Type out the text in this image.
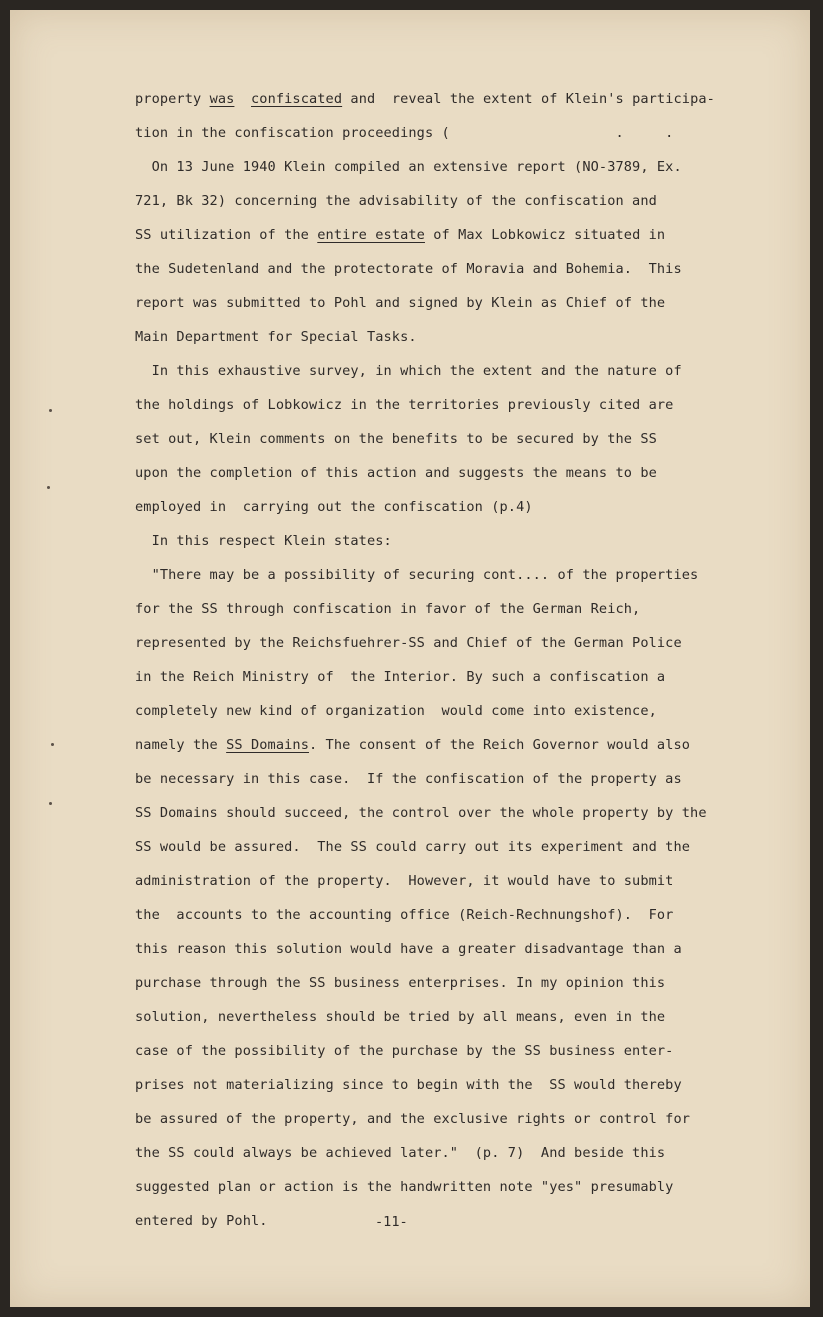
property was confiscated and  reveal the extent of Klein's participa-
tion in the confiscation proceedings (                    .     .
On 13 June 1940 Klein compiled an extensive report (NO-3789, Ex.
721, Bk 32) concerning the advisability of the confiscation and
SS utilization of the entire estate of Max Lobkowicz situated in
the Sudetenland and the protectorate of Moravia and Bohemia.  This
report was submitted to Pohl and signed by Klein as Chief of the
Main Department for Special Tasks.
In this exhaustive survey, in which the extent and the nature of
the holdings of Lobkowicz in the territories previously cited are
set out, Klein comments on the benefits to be secured by the SS
upon the completion of this action and suggests the means to be
employed in  carrying out the confiscation (p.4)
In this respect Klein states:
"There may be a possibility of securing cont.... of the properties
for the SS through confiscation in favor of the German Reich,
represented by the Reichsfuehrer-SS and Chief of the German Police
in the Reich Ministry of  the Interior. By such a confiscation a
completely new kind of organization  would come into existence,
namely the SS Domains. The consent of the Reich Governor would also
be necessary in this case.  If the confiscation of the property as
SS Domains should succeed, the control over the whole property by the
SS would be assured.  The SS could carry out its experiment and the
administration of the property.  However, it would have to submit
the  accounts to the accounting office (Reich-Rechnungshof).  For
this reason this solution would have a greater disadvantage than a
purchase through the SS business enterprises. In my opinion this
solution, nevertheless should be tried by all means, even in the
case of the possibility of the purchase by the SS business enter-
prises not materializing since to begin with the  SS would thereby
be assured of the property, and the exclusive rights or control for
the SS could always be achieved later."  (p. 7)  And beside this
suggested plan or action is the handwritten note "yes" presumably
entered by Pohl.	-11-
